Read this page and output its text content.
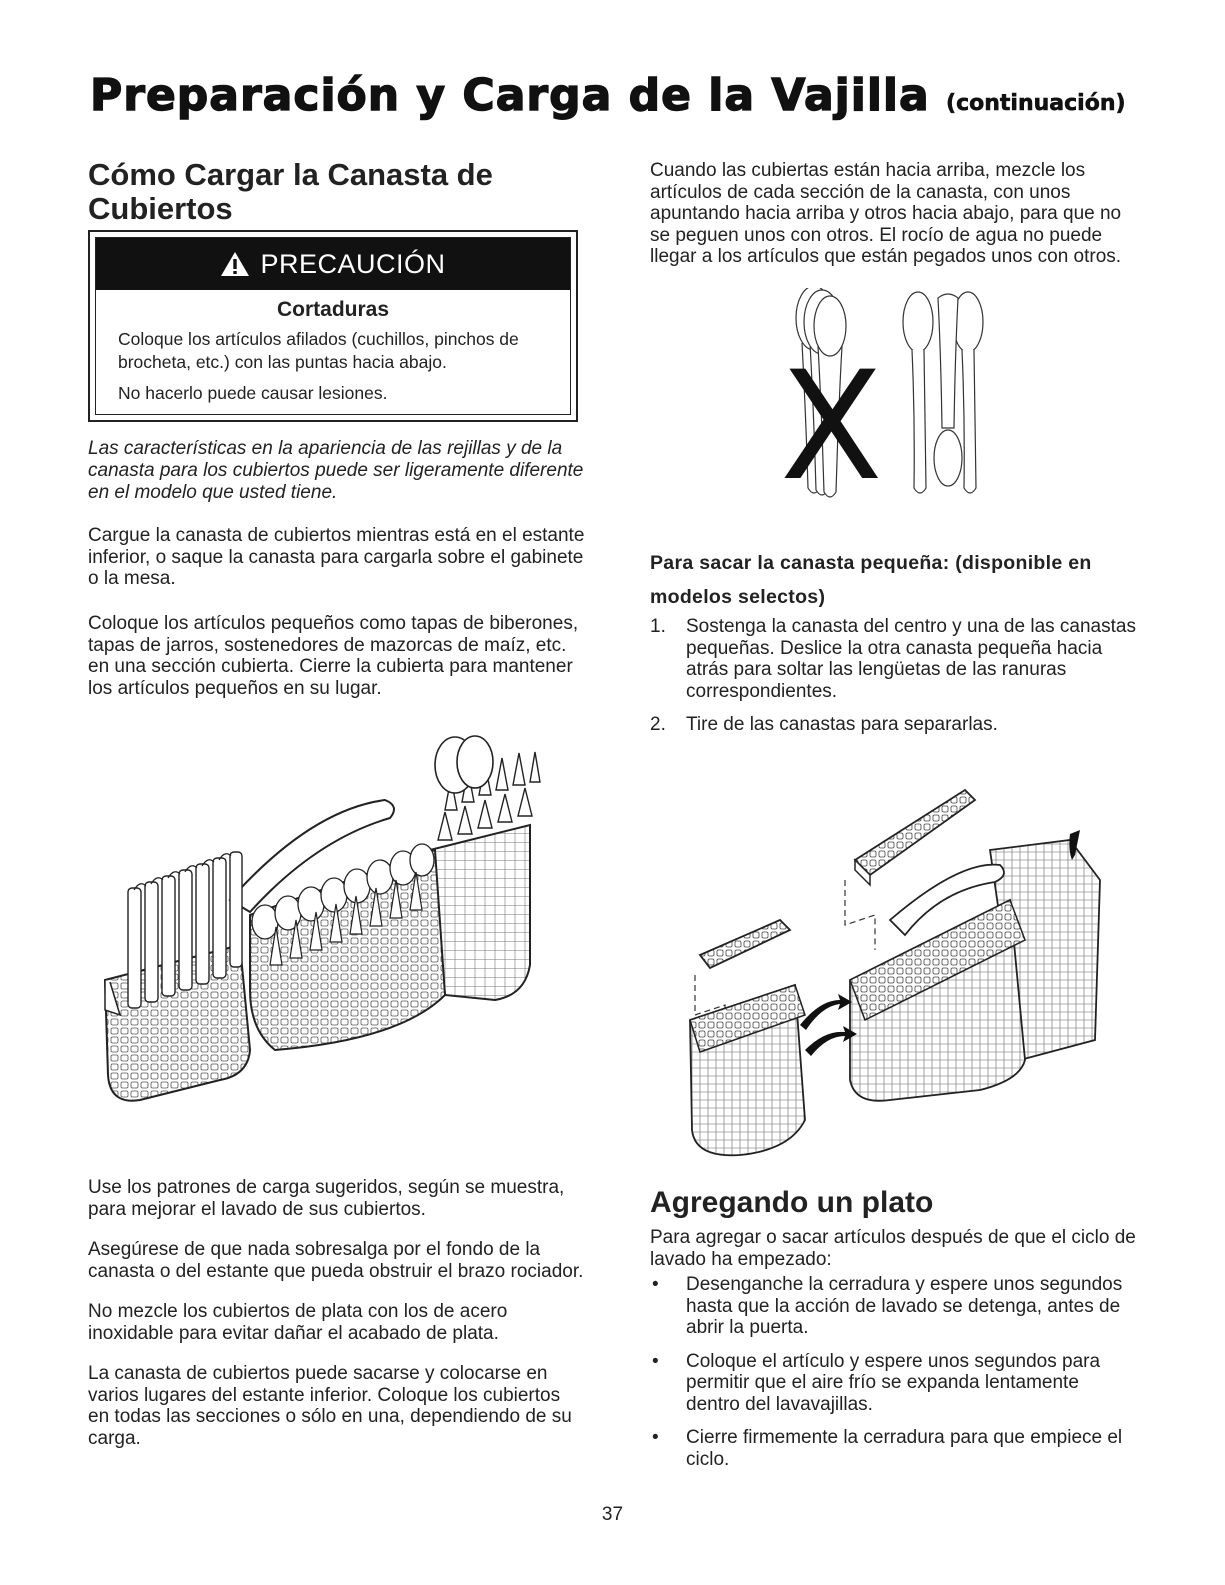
Preparación y Carga de la Vajilla (continuación)
Cómo Cargar la Canasta de
Cubiertos
PRECAUCIÓN
Cortaduras

Coloque los artículos afilados (cuchillos, pinchos de brocheta, etc.) con las puntas hacia abajo.

No hacerlo puede causar lesiones.

Las características en la apariencia de las rejillas y de la canasta para los cubiertos puede ser ligeramente diferente en el modelo que usted tiene.

Cargue la canasta de cubiertos mientras está en el estante inferior, o saque la canasta para cargarla sobre el gabinete o la mesa.

Coloque los artículos pequeños como tapas de biberones, tapas de jarros, sostenedores de mazorcas de maíz, etc. en una sección cubierta. Cierre la cubierta para mantener los artículos pequeños en su lugar.

Use los patrones de carga sugeridos, según se muestra, para mejorar el lavado de sus cubiertos.

Asegúrese de que nada sobresalga por el fondo de la canasta o del estante que pueda obstruir el brazo rociador.

No mezcle los cubiertos de plata con los de acero inoxidable para evitar dañar el acabado de plata.

La canasta de cubiertos puede sacarse y colocarse en varios lugares del estante inferior. Coloque los cubiertos en todas las secciones o sólo en una, dependiendo de su carga.

Cuando las cubiertas están hacia arriba, mezcle los artículos de cada sección de la canasta, con unos apuntando hacia arriba y otros hacia abajo, para que no se peguen unos con otros. El rocío de agua no puede llegar a los artículos que están pegados unos con otros.

X

Para sacar la canasta pequeña: (disponible en modelos selectos)

1. Sostenga la canasta del centro y una de las canastas pequeñas. Deslice la otra canasta pequeña hacia atrás para soltar las lengüetas de las ranuras correspondientes.
2. Tire de las canastas para separarlas.
Agregando un plato

Para agregar o sacar artículos después de que el ciclo de lavado ha empezado:

• Desenganche la cerradura y espere unos segundos hasta que la acción de lavado se detenga, antes de abrir la puerta.
• Coloque el artículo y espere unos segundos para permitir que el aire frío se expanda lentamente dentro del lavavajillas.
• Cierre firmemente la cerradura para que empiece el ciclo.
37
